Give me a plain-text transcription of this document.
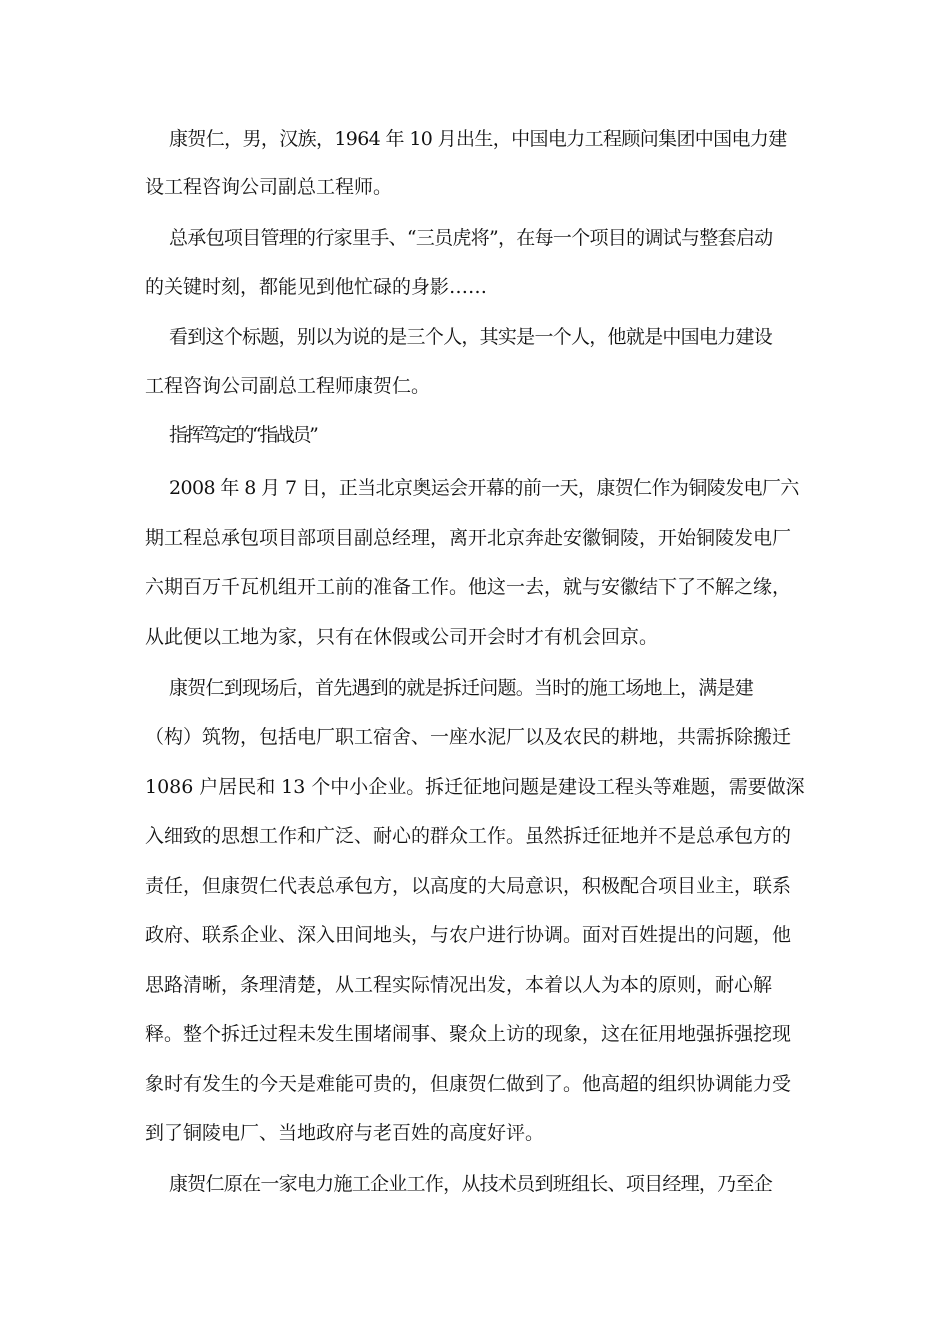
康贺仁，男，汉族，1964 年 10 月出生，中国电力工程顾问集团中国电力建
设工程咨询公司副总工程师。
总承包项目管理的行家里手、“三员虎将”，在每一个项目的调试与整套启动
的关键时刻，都能见到他忙碌的身影……
看到这个标题，别以为说的是三个人，其实是一个人，他就是中国电力建设
工程咨询公司副总工程师康贺仁。
指挥笃定的“指战员”
2008 年 8 月 7 日，正当北京奥运会开幕的前一天，康贺仁作为铜陵发电厂六
期工程总承包项目部项目副总经理，离开北京奔赴安徽铜陵，开始铜陵发电厂
六期百万千瓦机组开工前的准备工作。他这一去，就与安徽结下了不解之缘，
从此便以工地为家，只有在休假或公司开会时才有机会回京。
康贺仁到现场后，首先遇到的就是拆迁问题。当时的施工场地上，满是建
（构）筑物，包括电厂职工宿舍、一座水泥厂以及农民的耕地，共需拆除搬迁
1086 户居民和 13 个中小企业。拆迁征地问题是建设工程头等难题，需要做深
入细致的思想工作和广泛、耐心的群众工作。虽然拆迁征地并不是总承包方的
责任，但康贺仁代表总承包方，以高度的大局意识，积极配合项目业主，联系
政府、联系企业、深入田间地头，与农户进行协调。面对百姓提出的问题，他
思路清晰，条理清楚，从工程实际情况出发，本着以人为本的原则，耐心解
释。整个拆迁过程未发生围堵闹事、聚众上访的现象，这在征用地强拆强挖现
象时有发生的今天是难能可贵的，但康贺仁做到了。他高超的组织协调能力受
到了铜陵电厂、当地政府与老百姓的高度好评。
康贺仁原在一家电力施工企业工作，从技术员到班组长、项目经理，乃至企
